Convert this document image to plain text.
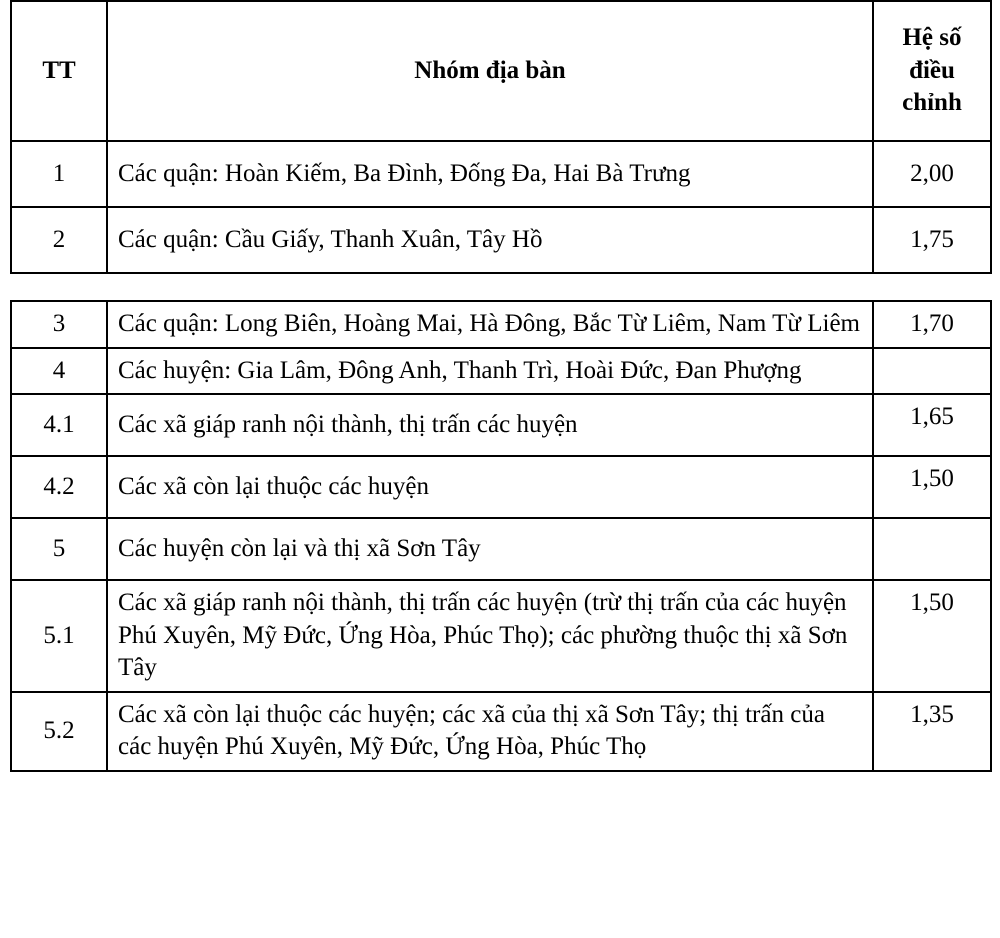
TT	Nhóm địa bàn	Hệ số điều chỉnh
1	Các quận: Hoàn Kiếm, Ba Đình, Đống Đa, Hai Bà Trưng	2,00
2	Các quận: Cầu Giấy, Thanh Xuân, Tây Hồ	1,75
3	Các quận: Long Biên, Hoàng Mai, Hà Đông, Bắc Từ Liêm, Nam Từ Liêm	1,70
4	Các huyện: Gia Lâm, Đông Anh, Thanh Trì, Hoài Đức, Đan Phượng	
4.1	Các xã giáp ranh nội thành, thị trấn các huyện	1,65
4.2	Các xã còn lại thuộc các huyện	1,50
5	Các huyện còn lại và thị xã Sơn Tây	
5.1	Các xã giáp ranh nội thành, thị trấn các huyện (trừ thị trấn của các huyện Phú Xuyên, Mỹ Đức, Ứng Hòa, Phúc Thọ); các phường thuộc thị xã Sơn Tây	1,50
5.2	Các xã còn lại thuộc các huyện; các xã của thị xã Sơn Tây; thị trấn của các huyện Phú Xuyên, Mỹ Đức, Ứng Hòa, Phúc Thọ	1,35
